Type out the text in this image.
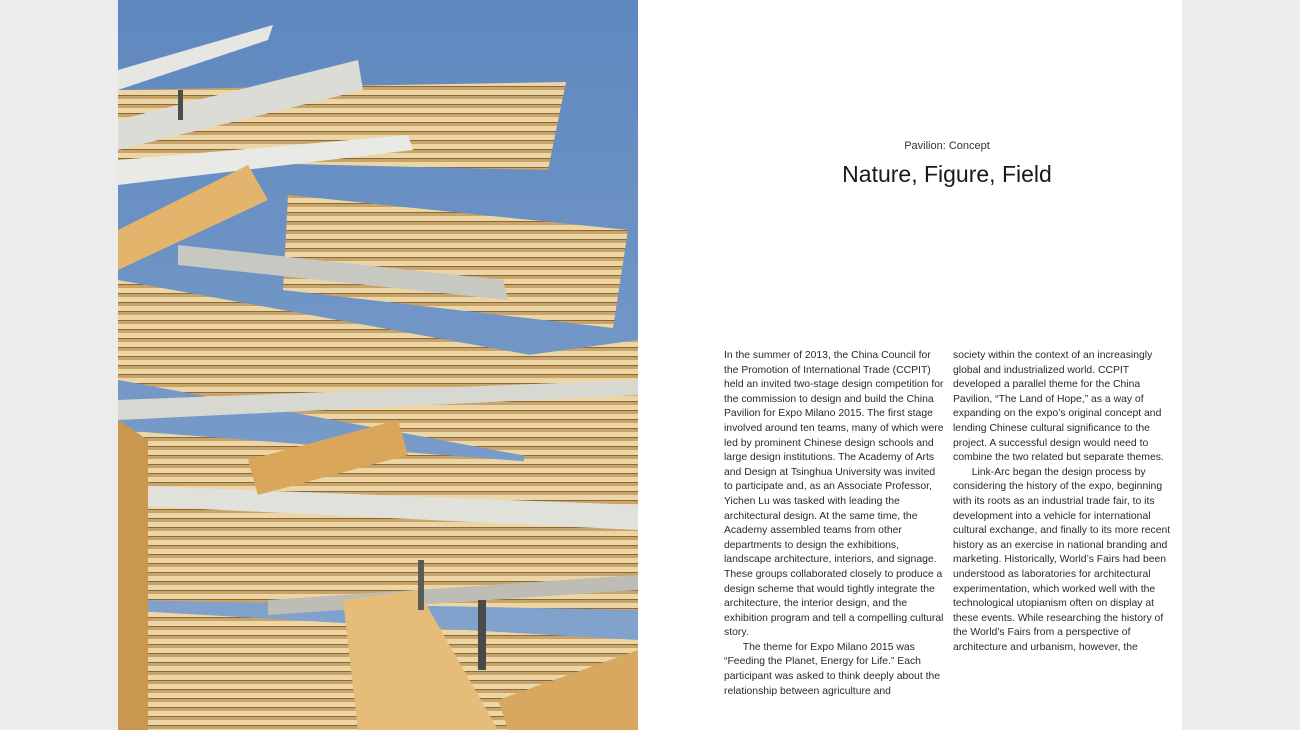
Pavilion: Concept
Nature, Figure, Field

In the summer of 2013, the China Council for the Promotion of International Trade (CCPIT) held an invited two-stage design competition for the commission to design and build the China Pavilion for Expo Milano 2015. The first stage involved around ten teams, many of which were led by prominent Chinese design schools and large design institutions. The Academy of Arts and Design at Tsinghua University was invited to participate and, as an Associate Professor, Yichen Lu was tasked with leading the architectural design. At the same time, the Academy assembled teams from other departments to design the exhibitions, landscape architecture, interiors, and signage. These groups collaborated closely to produce a design scheme that would tightly integrate the architecture, the interior design, and the exhibition program and tell a compelling cultural story.

The theme for Expo Milano 2015 was “Feeding the Planet, Energy for Life.” Each participant was asked to think deeply about the relationship between agriculture and

society within the context of an increasingly global and industrialized world. CCPIT developed a parallel theme for the China Pavilion, “The Land of Hope,” as a way of expanding on the expo’s original concept and lending Chinese cultural significance to the project. A successful design would need to combine the two related but separate themes.

Link-Arc began the design process by considering the history of the expo, beginning with its roots as an industrial trade fair, to its development into a vehicle for international cultural exchange, and finally to its more recent history as an exercise in national branding and marketing. Historically, World’s Fairs had been understood as laboratories for architectural experimentation, which worked well with the technological utopianism often on display at these events. While researching the history of the World’s Fairs from a perspective of architecture and urbanism, however, the
